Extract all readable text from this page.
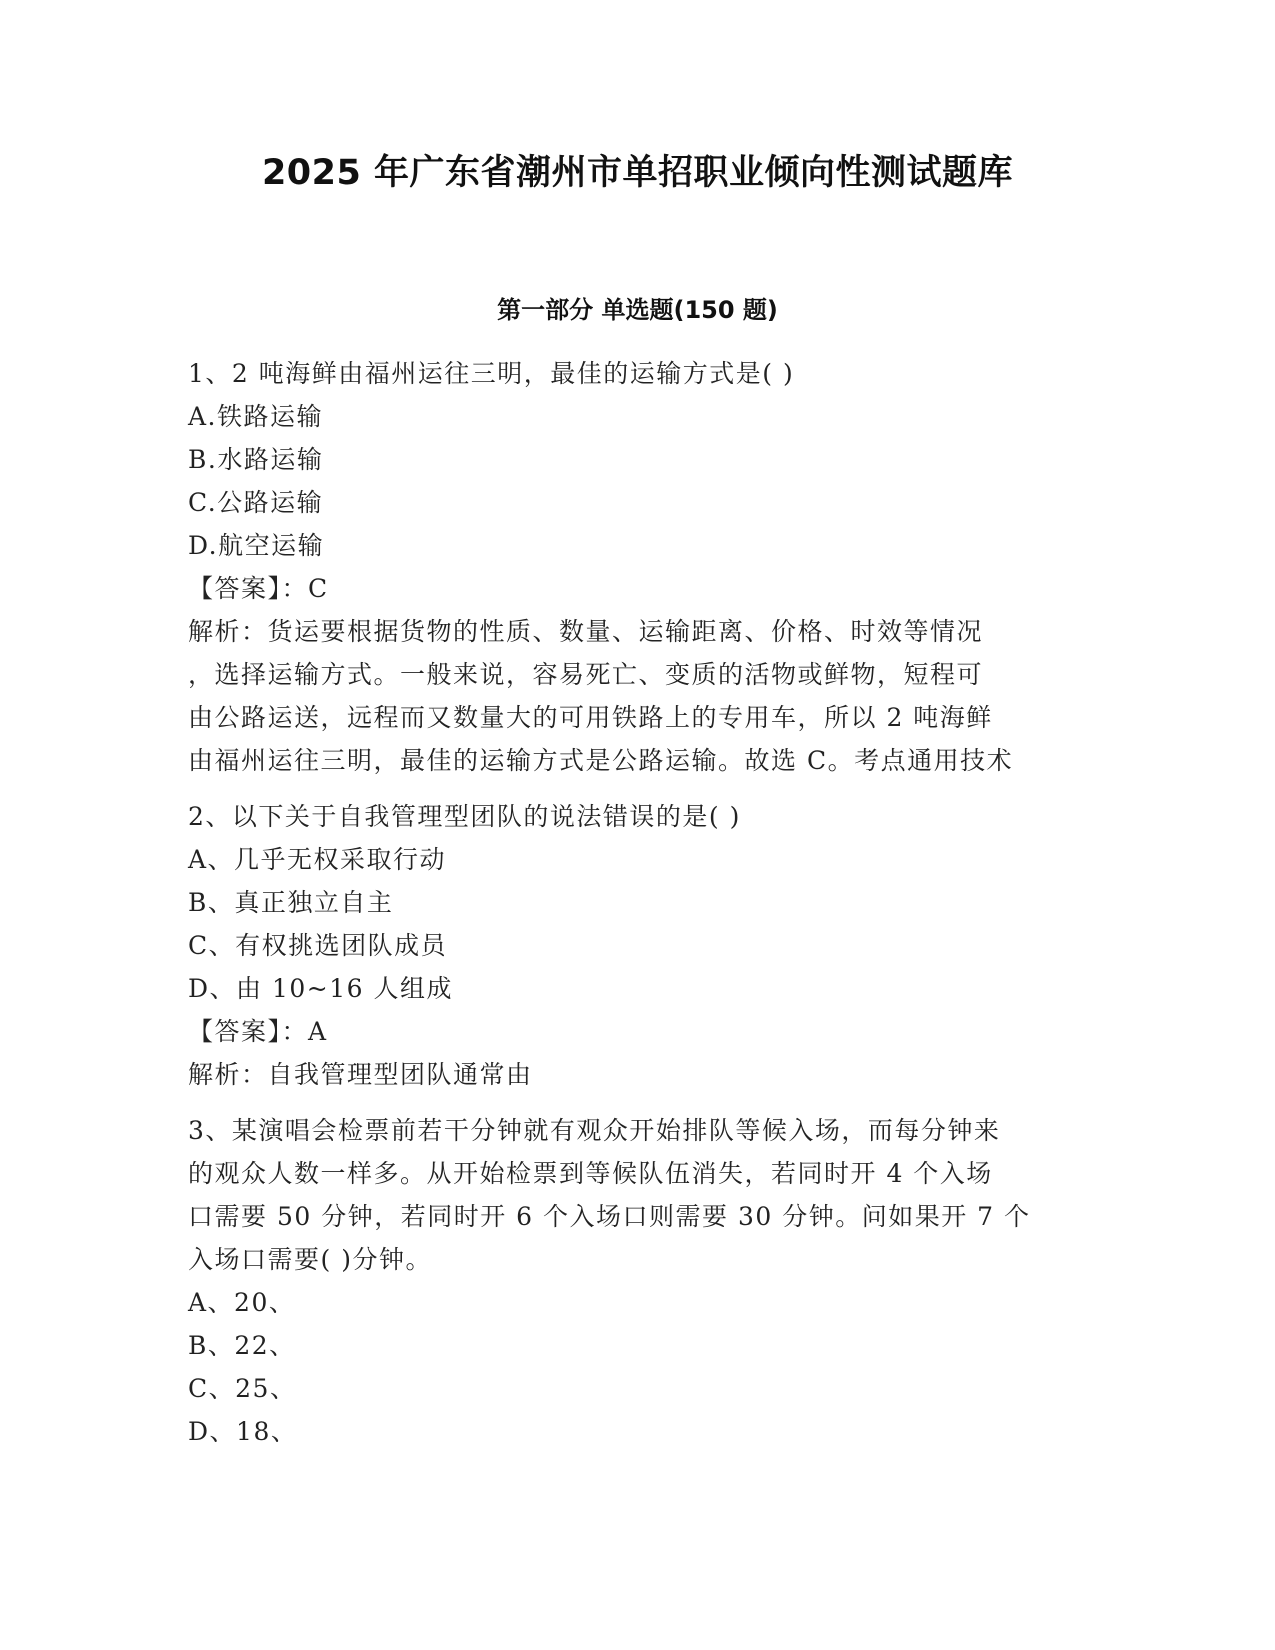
2025 年广东省潮州市单招职业倾向性测试题库
第一部分 单选题(150 题)
1、2 吨海鲜由福州运往三明，最佳的运输方式是( )
A.铁路运输
B.水路运输
C.公路运输
D.航空运输
【答案】：C
解析：货运要根据货物的性质、数量、运输距离、价格、时效等情况
，选择运输方式。一般来说，容易死亡、变质的活物或鲜物，短程可
由公路运送，远程而又数量大的可用铁路上的专用车，所以 2 吨海鲜
由福州运往三明，最佳的运输方式是公路运输。故选 C。考点通用技术
2、以下关于自我管理型团队的说法错误的是( )
A、几乎无权采取行动
B、真正独立自主
C、有权挑选团队成员
D、由 10~16 人组成
【答案】：A
解析：自我管理型团队通常由
3、某演唱会检票前若干分钟就有观众开始排队等候入场，而每分钟来
的观众人数一样多。从开始检票到等候队伍消失，若同时开 4 个入场
口需要 50 分钟，若同时开 6 个入场口则需要 30 分钟。问如果开 7 个
入场口需要( )分钟。
A、20、
B、22、
C、25、
D、18、
